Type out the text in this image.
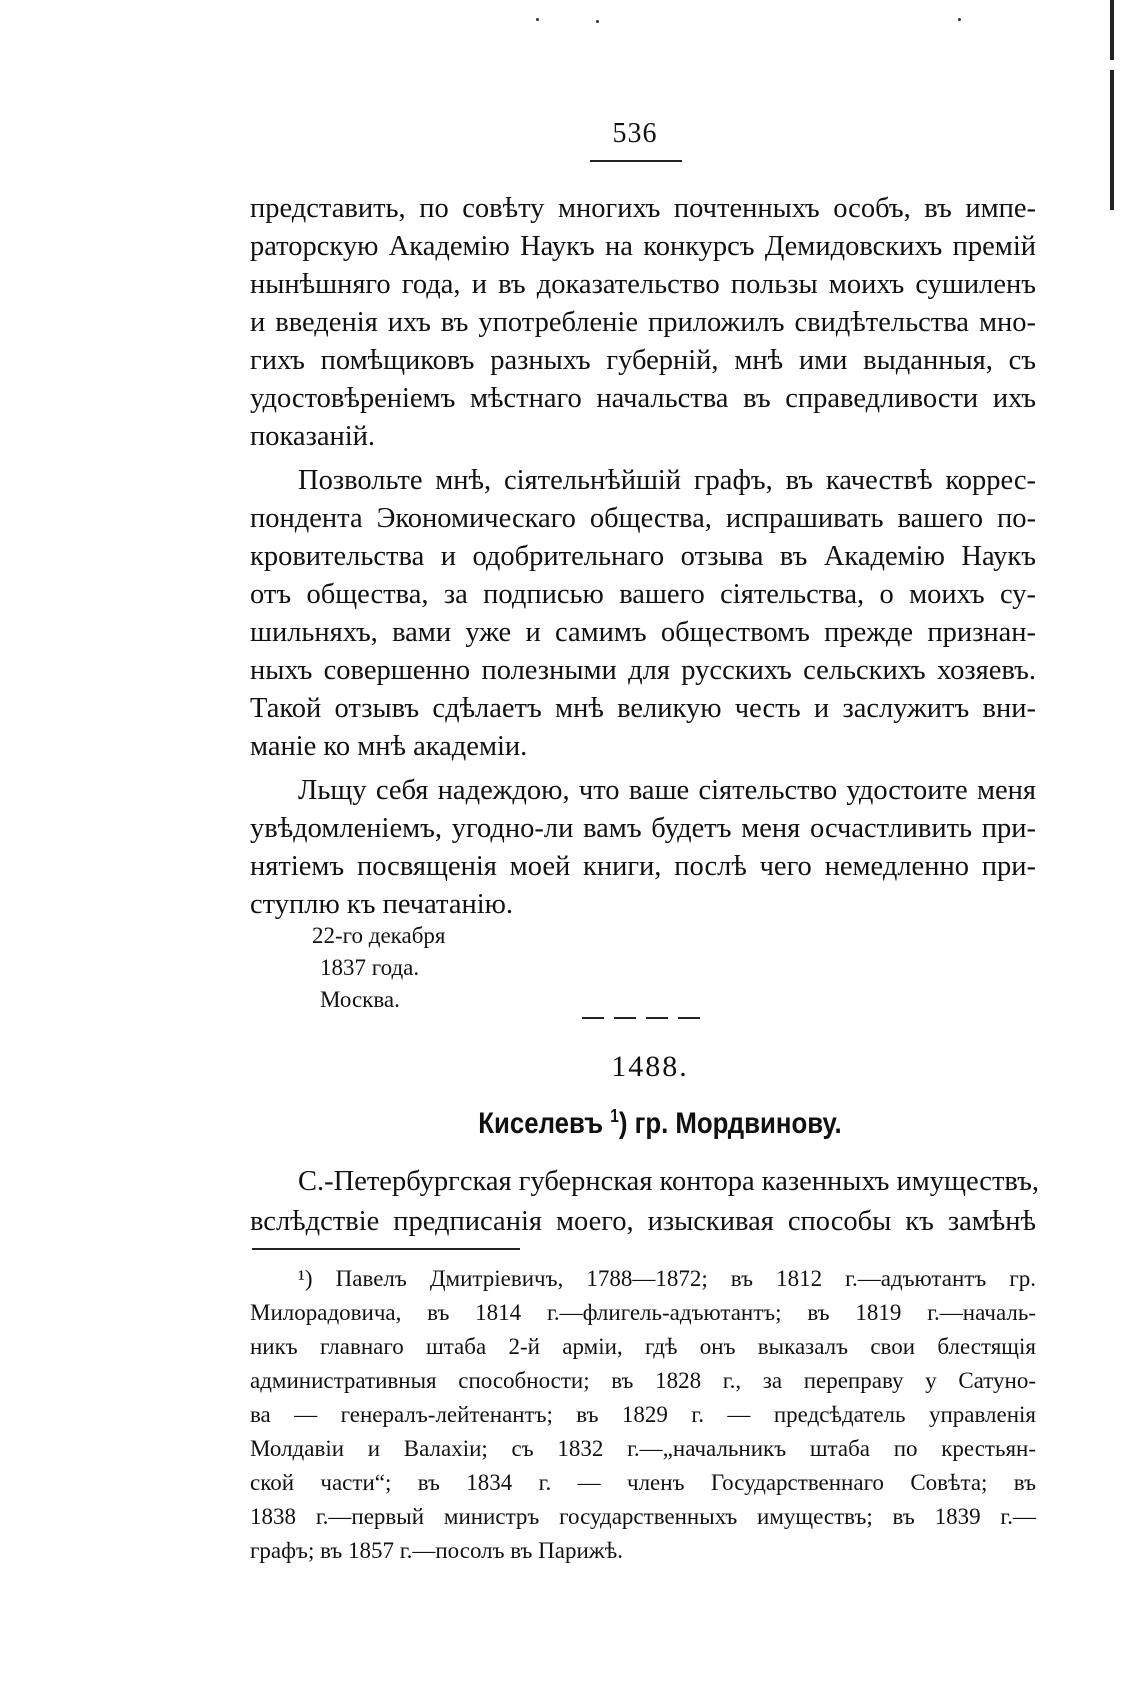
536
представить, по совѣту многихъ почтенныхъ особъ, въ импе-
раторскую Академію Наукъ на конкурсъ Демидовскихъ премій
нынѣшняго года, и въ доказательство пользы моихъ сушиленъ
и введенія ихъ въ употребленіе приложилъ свидѣтельства мно-
гихъ помѣщиковъ разныхъ губерній, мнѣ ими выданныя, съ
удостовѣреніемъ мѣстнаго начальства въ справедливости ихъ
показаній.
Позвольте мнѣ, сіятельнѣйшій графъ, въ качествѣ коррес-
пондента Экономическаго общества, испрашивать вашего по-
кровительства и одобрительнаго отзыва въ Академію Наукъ
отъ общества, за подписью вашего сіятельства, о моихъ су-
шильняхъ, вами уже и самимъ обществомъ прежде признан-
ныхъ совершенно полезными для русскихъ сельскихъ хозяевъ.
Такой отзывъ сдѣлаетъ мнѣ великую честь и заслужитъ вни-
маніе ко мнѣ академіи.
Льщу себя надеждою, что ваше сіятельство удостоите меня
увѣдомленіемъ, угодно-ли вамъ будетъ меня осчастливить при-
нятіемъ посвященія моей книги, послѣ чего немедленно при-
ступлю къ печатанію.
22-го декабря
1837 года.
Москва.
1488.
Киселевъ $^1$) гр. Мордвинову.
С.-Петербургская губернская контора казенныхъ имуществъ,
вслѣдствіе предписанія моего, изыскивая способы къ замѣнѣ
¹) Павелъ Дмитріевичъ, 1788—1872; въ 1812 г.—адъютантъ гр.
Милорадовича, въ 1814 г.—флигель-адъютантъ; въ 1819 г.—началь-
никъ главнаго штаба 2-й арміи, гдѣ онъ выказалъ свои блестящія
административныя способности; въ 1828 г., за переправу у Сатуно-
ва — генералъ-лейтенантъ; въ 1829 г. — предсѣдатель управленія
Молдавіи и Валахіи; съ 1832 г.—„начальникъ штаба по крестьян-
ской части“; въ 1834 г. — членъ Государственнаго Совѣта; въ
1838 г.—первый министръ государственныхъ имуществъ; въ 1839 г.—
графъ; въ 1857 г.—посолъ въ Парижѣ.
